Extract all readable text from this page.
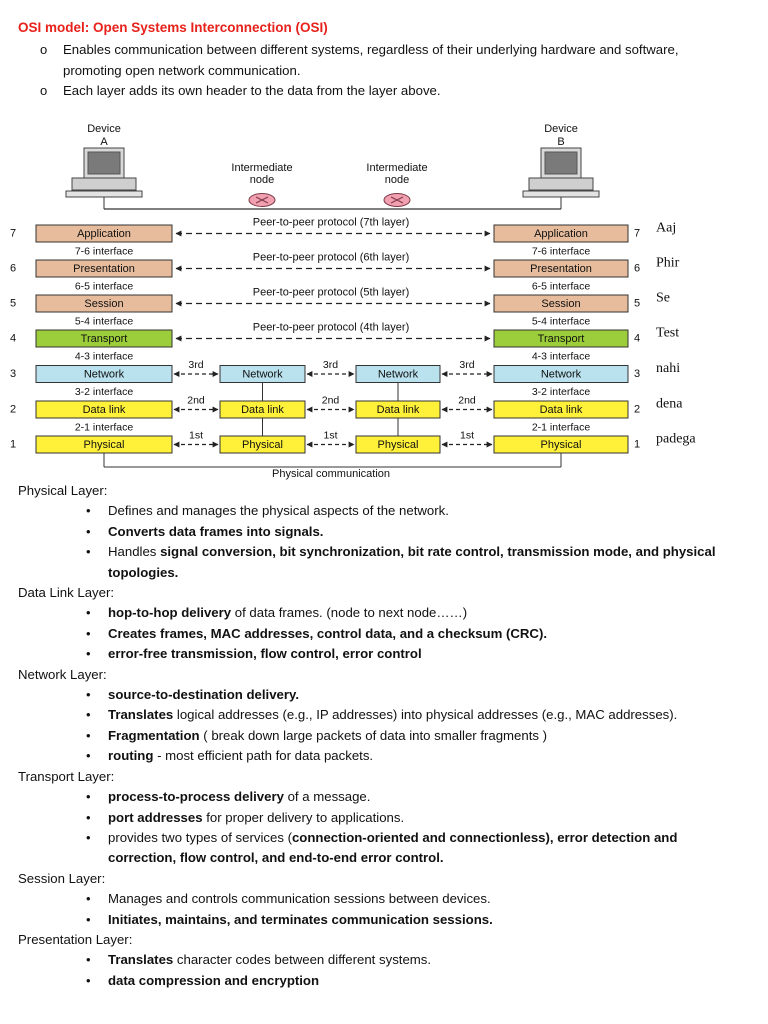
OSI model: Open Systems Interconnection (OSI)
o Enables communication between different systems, regardless of their underlying hardware and software, promoting open network communication.
o Each layer adds its own header to the data from the layer above.
Application
7-6 interface
Presentation
6-5 interface
Session
5-4 interface
Transport
4-3 interface
Network
3-2 interface
Data link
2-1 interface
Physical
7
6
5
4
3
2
1
Application
7-6 interface
Presentation
6-5 interface
Session
5-4 interface
Transport
4-3 interface
Network
3-2 interface
Data link
2-1 interface
Physical
7
6
5
4
3
2
1
Aaj
Phir
Se
Test
nahi
dena
padega
Network
Data link
Physical
Network
Data link
Physical
Peer-to-peer protocol (7th layer)
Peer-to-peer protocol (6th layer)
Peer-to-peer protocol (5th layer)
Peer-to-peer protocol (4th layer)
3rd	3rd	3rd
2nd	2nd	2nd
1st	1st	1st
Physical communication
Device
A
Device
B
Intermediate
node
Intermediate
node
Physical Layer:
• Defines and manages the physical aspects of the network.
• Converts data frames into signals.
• Handles signal conversion, bit synchronization, bit rate control, transmission mode, and physical topologies.
Data Link Layer:
• hop-to-hop delivery of data frames. (node to next node……)
• Creates frames, MAC addresses, control data, and a checksum (CRC).
• error-free transmission, flow control, error control
Network Layer:
• source-to-destination delivery.
• Translates logical addresses (e.g., IP addresses) into physical addresses (e.g., MAC addresses).
• Fragmentation ( break down large packets of data into smaller fragments )
• routing - most efficient path for data packets.
Transport Layer:
• process-to-process delivery of a message.
• port addresses for proper delivery to applications.
• provides two types of services (connection-oriented and connectionless), error detection and correction, flow control, and end-to-end error control.
Session Layer:
• Manages and controls communication sessions between devices.
• Initiates, maintains, and terminates communication sessions.
Presentation Layer:
• Translates character codes between different systems.
• data compression and encryption
